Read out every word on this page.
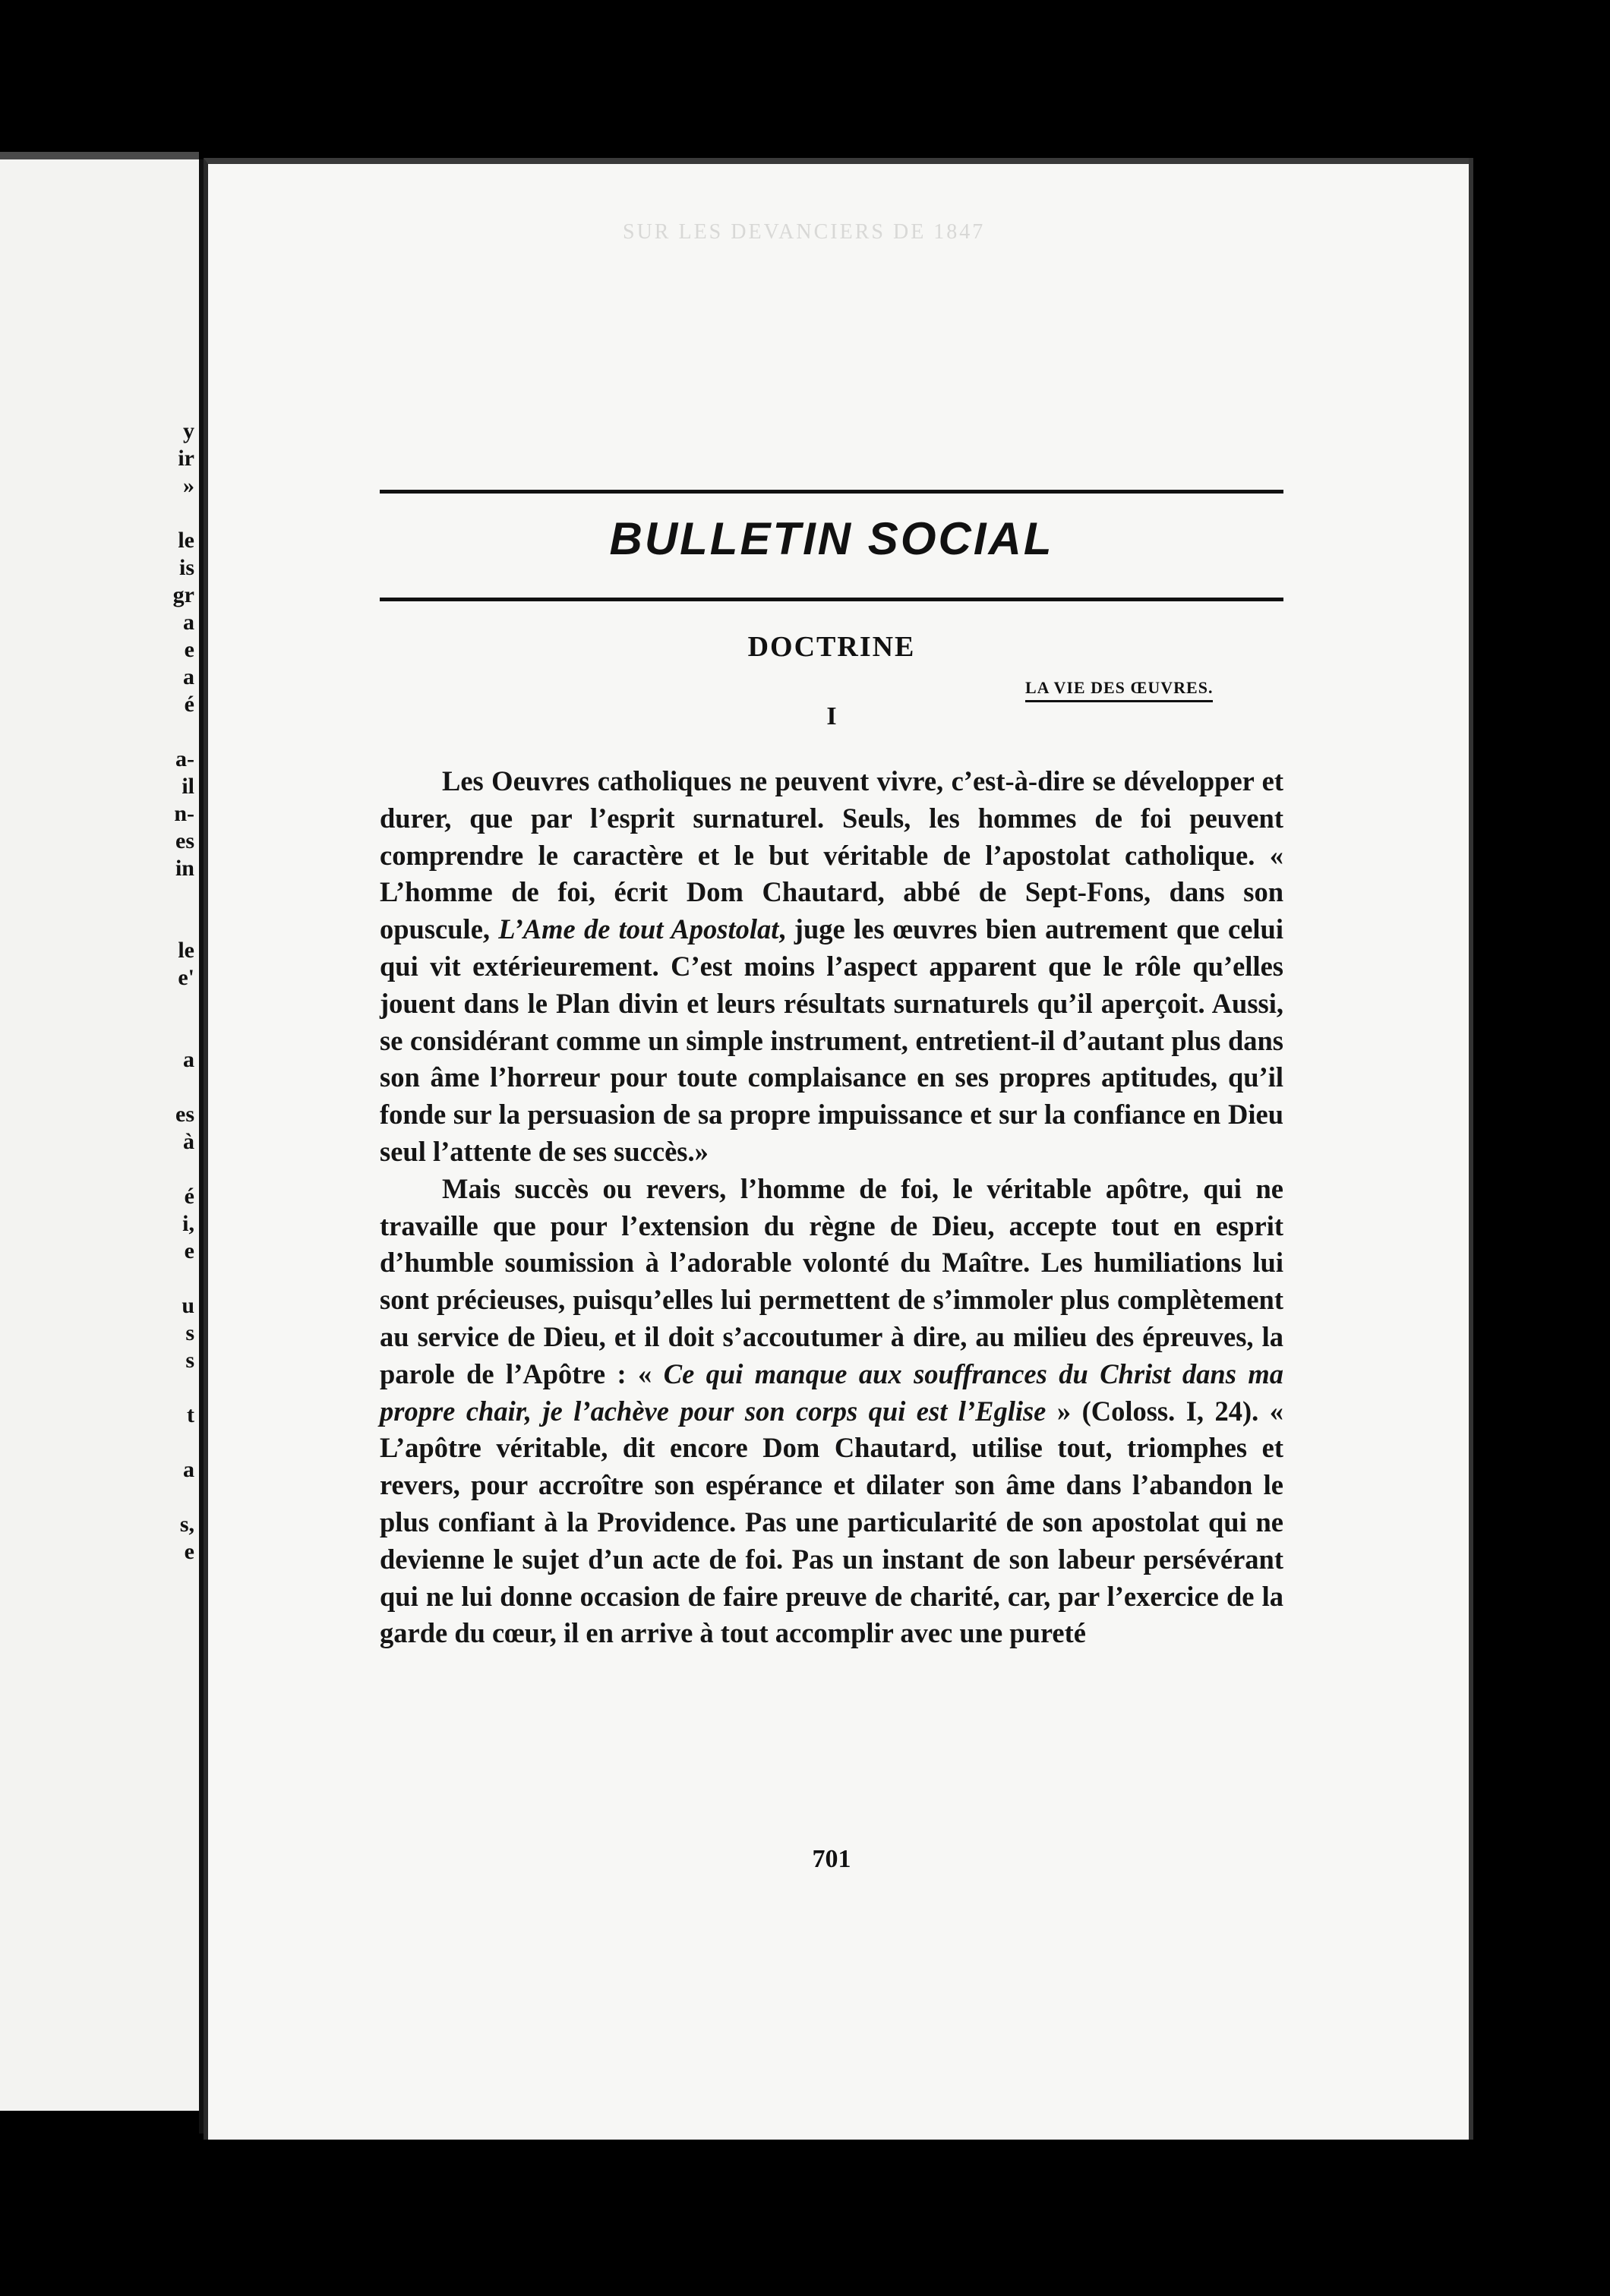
y
ir
»
le
is
gr
a
e
a
é
a-
il
n-
es
in
le
e'
a
es
à
é
i,
e
u
s
s
t
a
s,
e
SUR LES DEVANCIERS DE 1847
BULLETIN SOCIAL
DOCTRINE
LA VIE DES ŒUVRES.
I

Les Oeuvres catholiques ne peuvent vivre, c’est-à-dire se développer et durer, que par l’esprit surnaturel. Seuls, les hommes de foi peuvent comprendre le caractère et le but véritable de l’apostolat catholique. « L’homme de foi, écrit Dom Chautard, abbé de Sept-Fons, dans son opuscule, L’Ame de tout Apostolat, juge les œuvres bien autrement que celui qui vit extérieurement. C’est moins l’aspect apparent que le rôle qu’elles jouent dans le Plan divin et leurs résultats surnaturels qu’il aperçoit. Aussi, se considérant comme un simple instrument, entretient-il d’autant plus dans son âme l’horreur pour toute complaisance en ses propres aptitudes, qu’il fonde sur la persuasion de sa propre impuissance et sur la confiance en Dieu seul l’attente de ses succès.»

Mais succès ou revers, l’homme de foi, le véritable apôtre, qui ne travaille que pour l’extension du règne de Dieu, accepte tout en esprit d’humble soumission à l’adorable volonté du Maître. Les humiliations lui sont précieuses, puisqu’elles lui permettent de s’immoler plus complètement au service de Dieu, et il doit s’accoutumer à dire, au milieu des épreuves, la parole de l’Apôtre : « Ce qui manque aux souffrances du Christ dans ma propre chair, je l’achève pour son corps qui est l’Eglise » (Coloss. I, 24). « L’apôtre véritable, dit encore Dom Chautard, utilise tout, triomphes et revers, pour accroître son espérance et dilater son âme dans l’abandon le plus confiant à la Providence. Pas une particularité de son apostolat qui ne devienne le sujet d’un acte de foi. Pas un instant de son labeur persévérant qui ne lui donne occasion de faire preuve de charité, car, par l’exercice de la garde du cœur, il en arrive à tout accomplir avec une pureté

701
